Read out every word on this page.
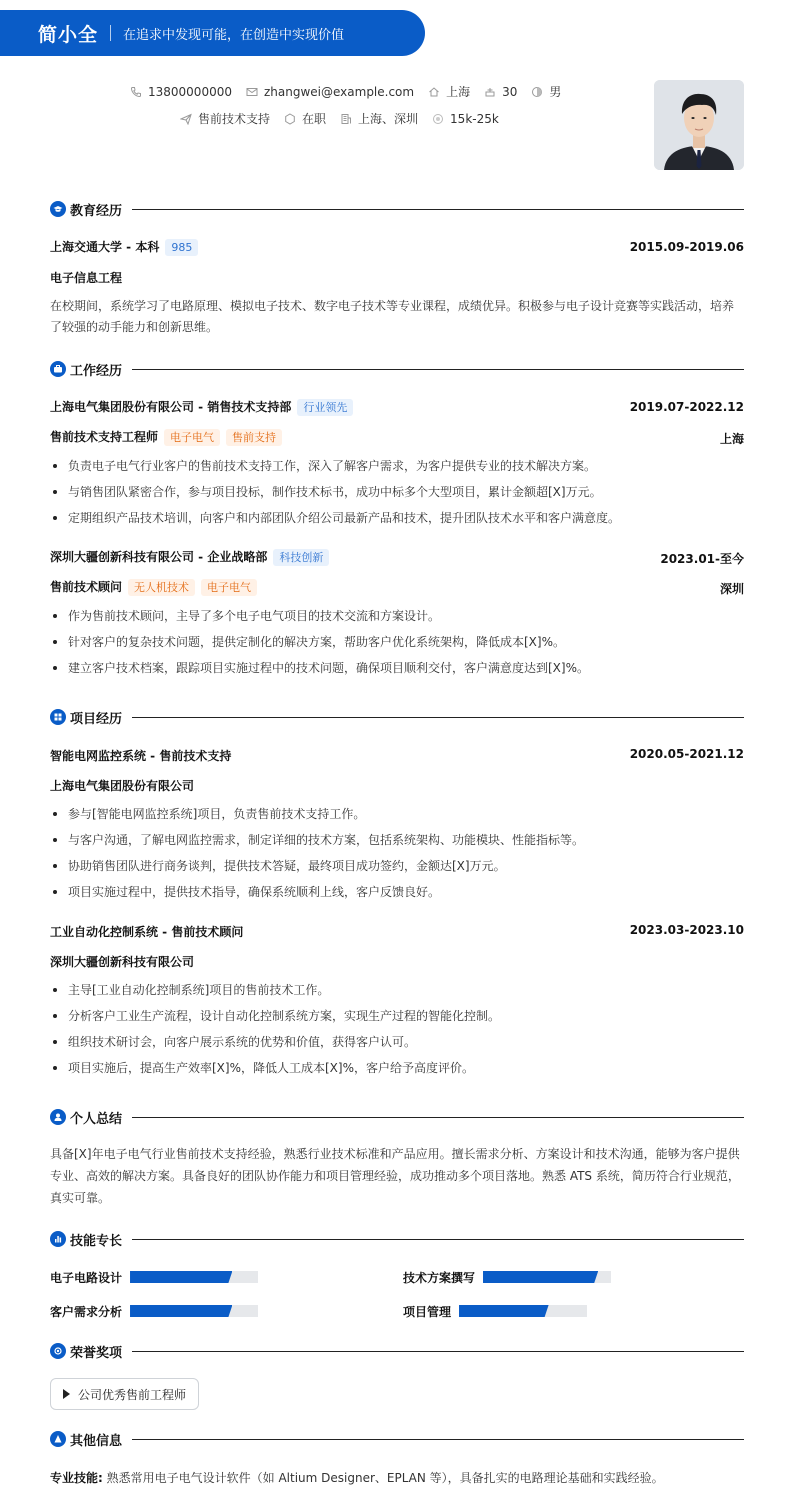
简小全 在追求中发现可能，在创造中实现价值
13800000000	zhangwei@example.com	上海	30	男
售前技术支持	在职	上海、深圳	15k-25k
教育经历
上海交通大学 - 本科 985	2015.09-2019.06
电子信息工程
在校期间，系统学习了电路原理、模拟电子技术、数字电子技术等专业课程，成绩优异。积极参与电子设计竞赛等实践活动，培养了较强的动手能力和创新思维。
工作经历
上海电气集团股份有限公司 - 销售技术支持部 行业领先	2019.07-2022.12
售前技术支持工程师 电子电气 售前支持	上海
负责电子电气行业客户的售前技术支持工作，深入了解客户需求，为客户提供专业的技术解决方案。
与销售团队紧密合作，参与项目投标，制作技术标书，成功中标多个大型项目，累计金额超[X]万元。
定期组织产品技术培训，向客户和内部团队介绍公司最新产品和技术，提升团队技术水平和客户满意度。
深圳大疆创新科技有限公司 - 企业战略部 科技创新	2023.01-至今
售前技术顾问 无人机技术 电子电气	深圳
作为售前技术顾问，主导了多个电子电气项目的技术交流和方案设计。
针对客户的复杂技术问题，提供定制化的解决方案，帮助客户优化系统架构，降低成本[X]%。
建立客户技术档案，跟踪项目实施过程中的技术问题，确保项目顺利交付，客户满意度达到[X]%。
项目经历
智能电网监控系统 - 售前技术支持	2020.05-2021.12
上海电气集团股份有限公司
参与[智能电网监控系统]项目，负责售前技术支持工作。
与客户沟通，了解电网监控需求，制定详细的技术方案，包括系统架构、功能模块、性能指标等。
协助销售团队进行商务谈判，提供技术答疑，最终项目成功签约，金额达[X]万元。
项目实施过程中，提供技术指导，确保系统顺利上线，客户反馈良好。
工业自动化控制系统 - 售前技术顾问	2023.03-2023.10
深圳大疆创新科技有限公司
主导[工业自动化控制系统]项目的售前技术工作。
分析客户工业生产流程，设计自动化控制系统方案，实现生产过程的智能化控制。
组织技术研讨会，向客户展示系统的优势和价值，获得客户认可。
项目实施后，提高生产效率[X]%，降低人工成本[X]%，客户给予高度评价。
个人总结
具备[X]年电子电气行业售前技术支持经验，熟悉行业技术标准和产品应用。擅长需求分析、方案设计和技术沟通，能够为客户提供专业、高效的解决方案。具备良好的团队协作能力和项目管理经验，成功推动多个项目落地。熟悉 ATS 系统，简历符合行业规范，真实可靠。
技能专长
电子电路设计	技术方案撰写
客户需求分析	项目管理
荣誉奖项
公司优秀售前工程师
其他信息
专业技能: 熟悉常用电子电气设计软件（如 Altium Designer、EPLAN 等），具备扎实的电路理论基础和实践经验。
